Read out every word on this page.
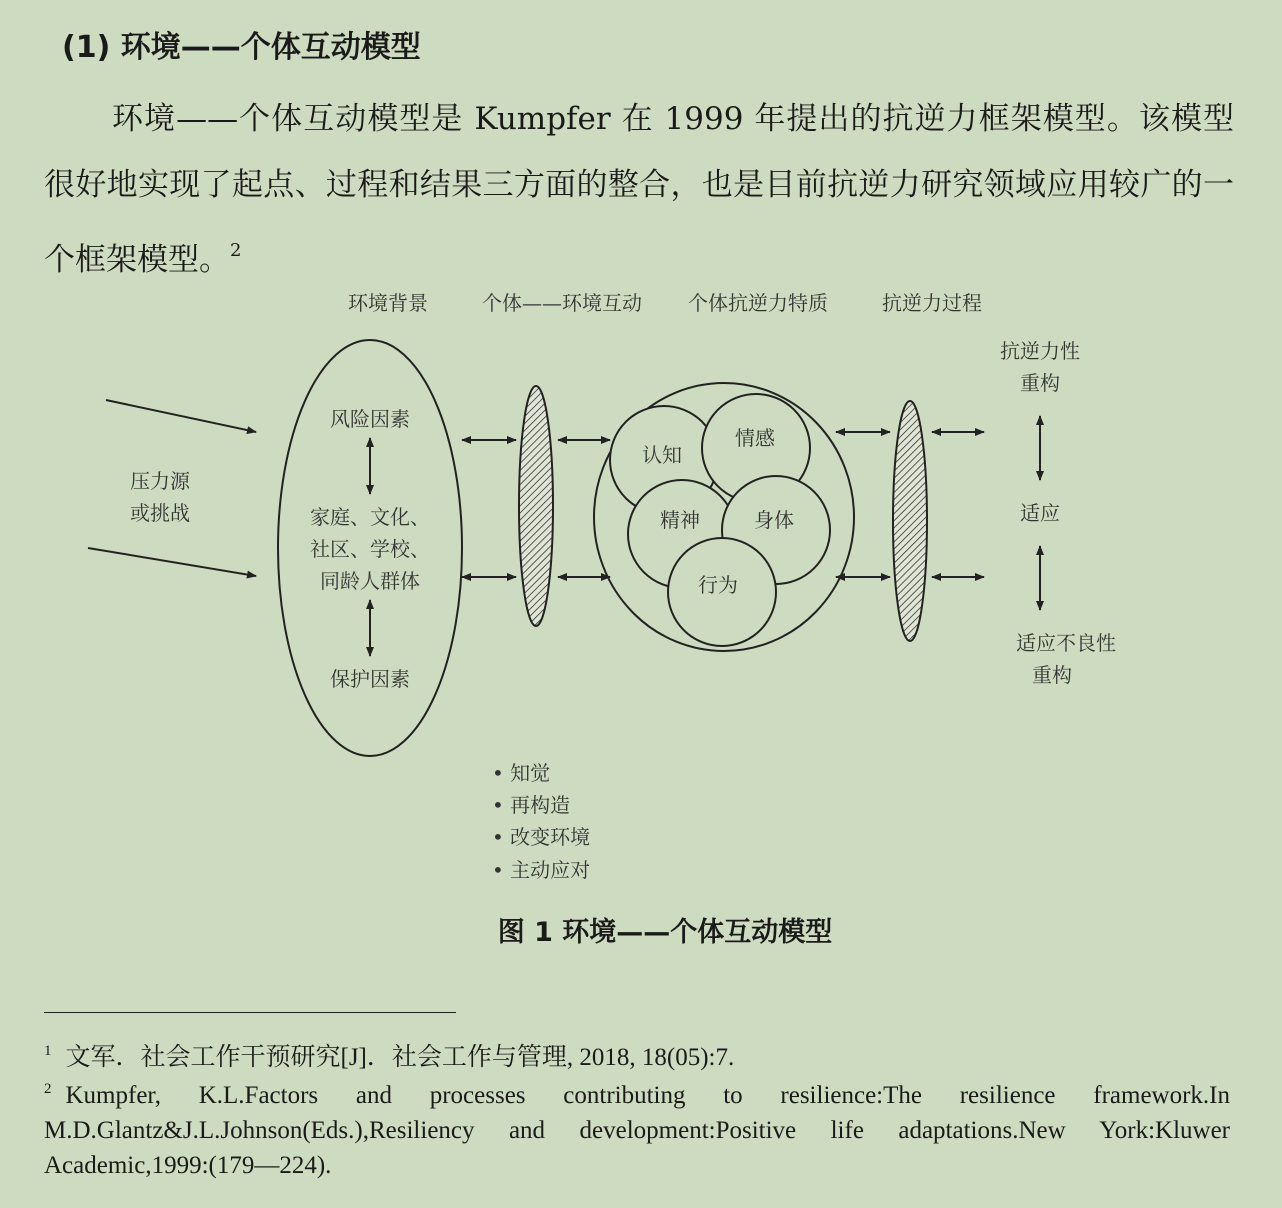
(1) 环境——个体互动模型
环境——个体互动模型是 Kumpfer 在 1999 年提出的抗逆力框架模型。该模型很好地实现了起点、过程和结果三方面的整合，也是目前抗逆力研究领域应用较广的一个框架模型。$^2$
环境背景	个体——环境互动 个体抗逆力特质	抗逆力过程
压力源
或挑战
风险因素
家庭、文化、
社区、学校、
同龄人群体
保护因素
认知
情感
精神	身体
行为
抗逆力性
重构
适应
适应不良性
重构
• 知觉
• 再构造
• 改变环境
• 主动应对
图 1 环境——个体互动模型
$^1$ 文军．社会工作干预研究[J]．社会工作与管理, 2018, 18(05):7.
$^2$ Kumpfer, K.L.Factors and processes contributing to resilience:The resilience framework.In M.D.Glantz&J.L.Johnson(Eds.),Resiliency and development:Positive life adaptations.New York:Kluwer Academic,1999:(179—224).
